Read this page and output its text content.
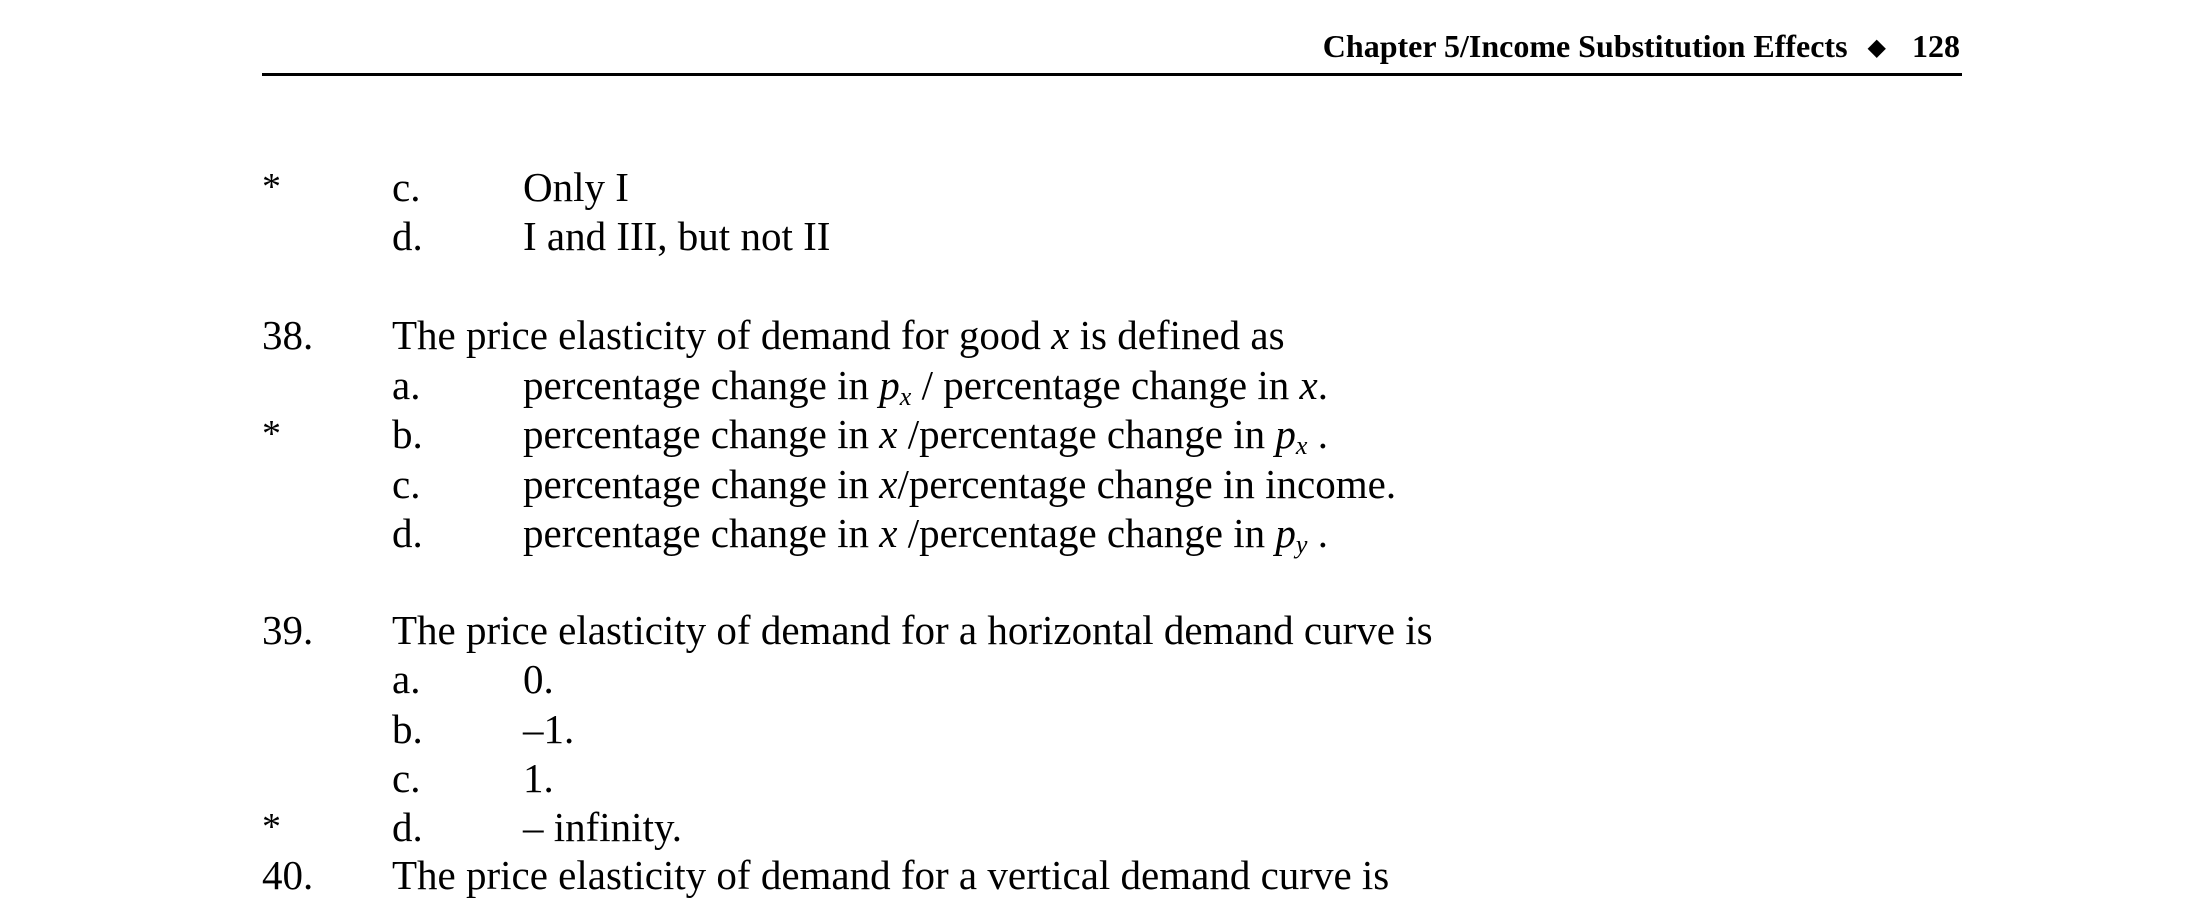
Chapter 5/Income Substitution Effects ◆ 128
*	c.	Only I
d. I and III, but not II
38. The price elasticity of demand for good x is defined as
a.	percentage change in $p_x$ / percentage change in x.
*	b. percentage change in x /percentage change in $p_x$ .
c.	percentage change in x/percentage change in income.
d. percentage change in x /percentage change in $p_y$ .
39. The price elasticity of demand for a horizontal demand curve is
a.	0.
b. –1.
c.	1.
*	d. – infinity.
40. The price elasticity of demand for a vertical demand curve is
